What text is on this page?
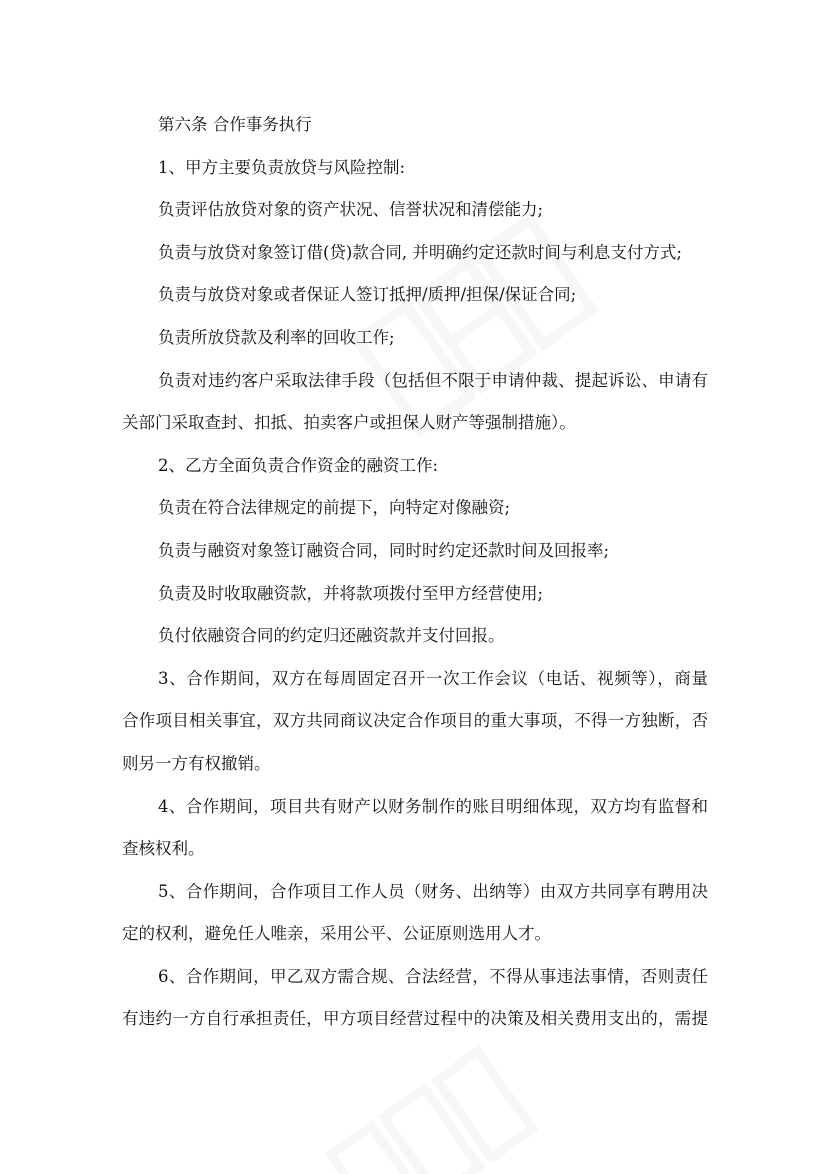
第六条 合作事务执行

1、甲方主要负责放贷与风险控制:

负责评估放贷对象的资产状况、信誉状况和清偿能力;

负责与放贷对象签订借(贷)款合同, 并明确约定还款时间与利息支付方式;

负责与放贷对象或者保证人签订抵押/质押/担保/保证合同;

负责所放贷款及利率的回收工作;

负责对违约客户采取法律手段（包括但不限于申请仲裁、提起诉讼、申请有

关部门采取查封、扣抵、拍卖客户或担保人财产等强制措施）。

2、乙方全面负责合作资金的融资工作:

负责在符合法律规定的前提下，向特定对像融资;

负责与融资对象签订融资合同，同时时约定还款时间及回报率;

负责及时收取融资款，并将款项拨付至甲方经营使用;

负付依融资合同的约定归还融资款并支付回报。

3、合作期间，双方在每周固定召开一次工作会议（电话、视频等），商量

合作项目相关事宜，双方共同商议决定合作项目的重大事项，不得一方独断，否

则另一方有权撤销。

4、合作期间，项目共有财产以财务制作的账目明细体现，双方均有监督和

查核权利。

5、合作期间，合作项目工作人员（财务、出纳等）由双方共同享有聘用决

定的权利，避免任人唯亲，采用公平、公证原则选用人才。

6、合作期间，甲乙双方需合规、合法经营，不得从事违法事情，否则责任

有违约一方自行承担责任，甲方项目经营过程中的决策及相关费用支出的，需提
